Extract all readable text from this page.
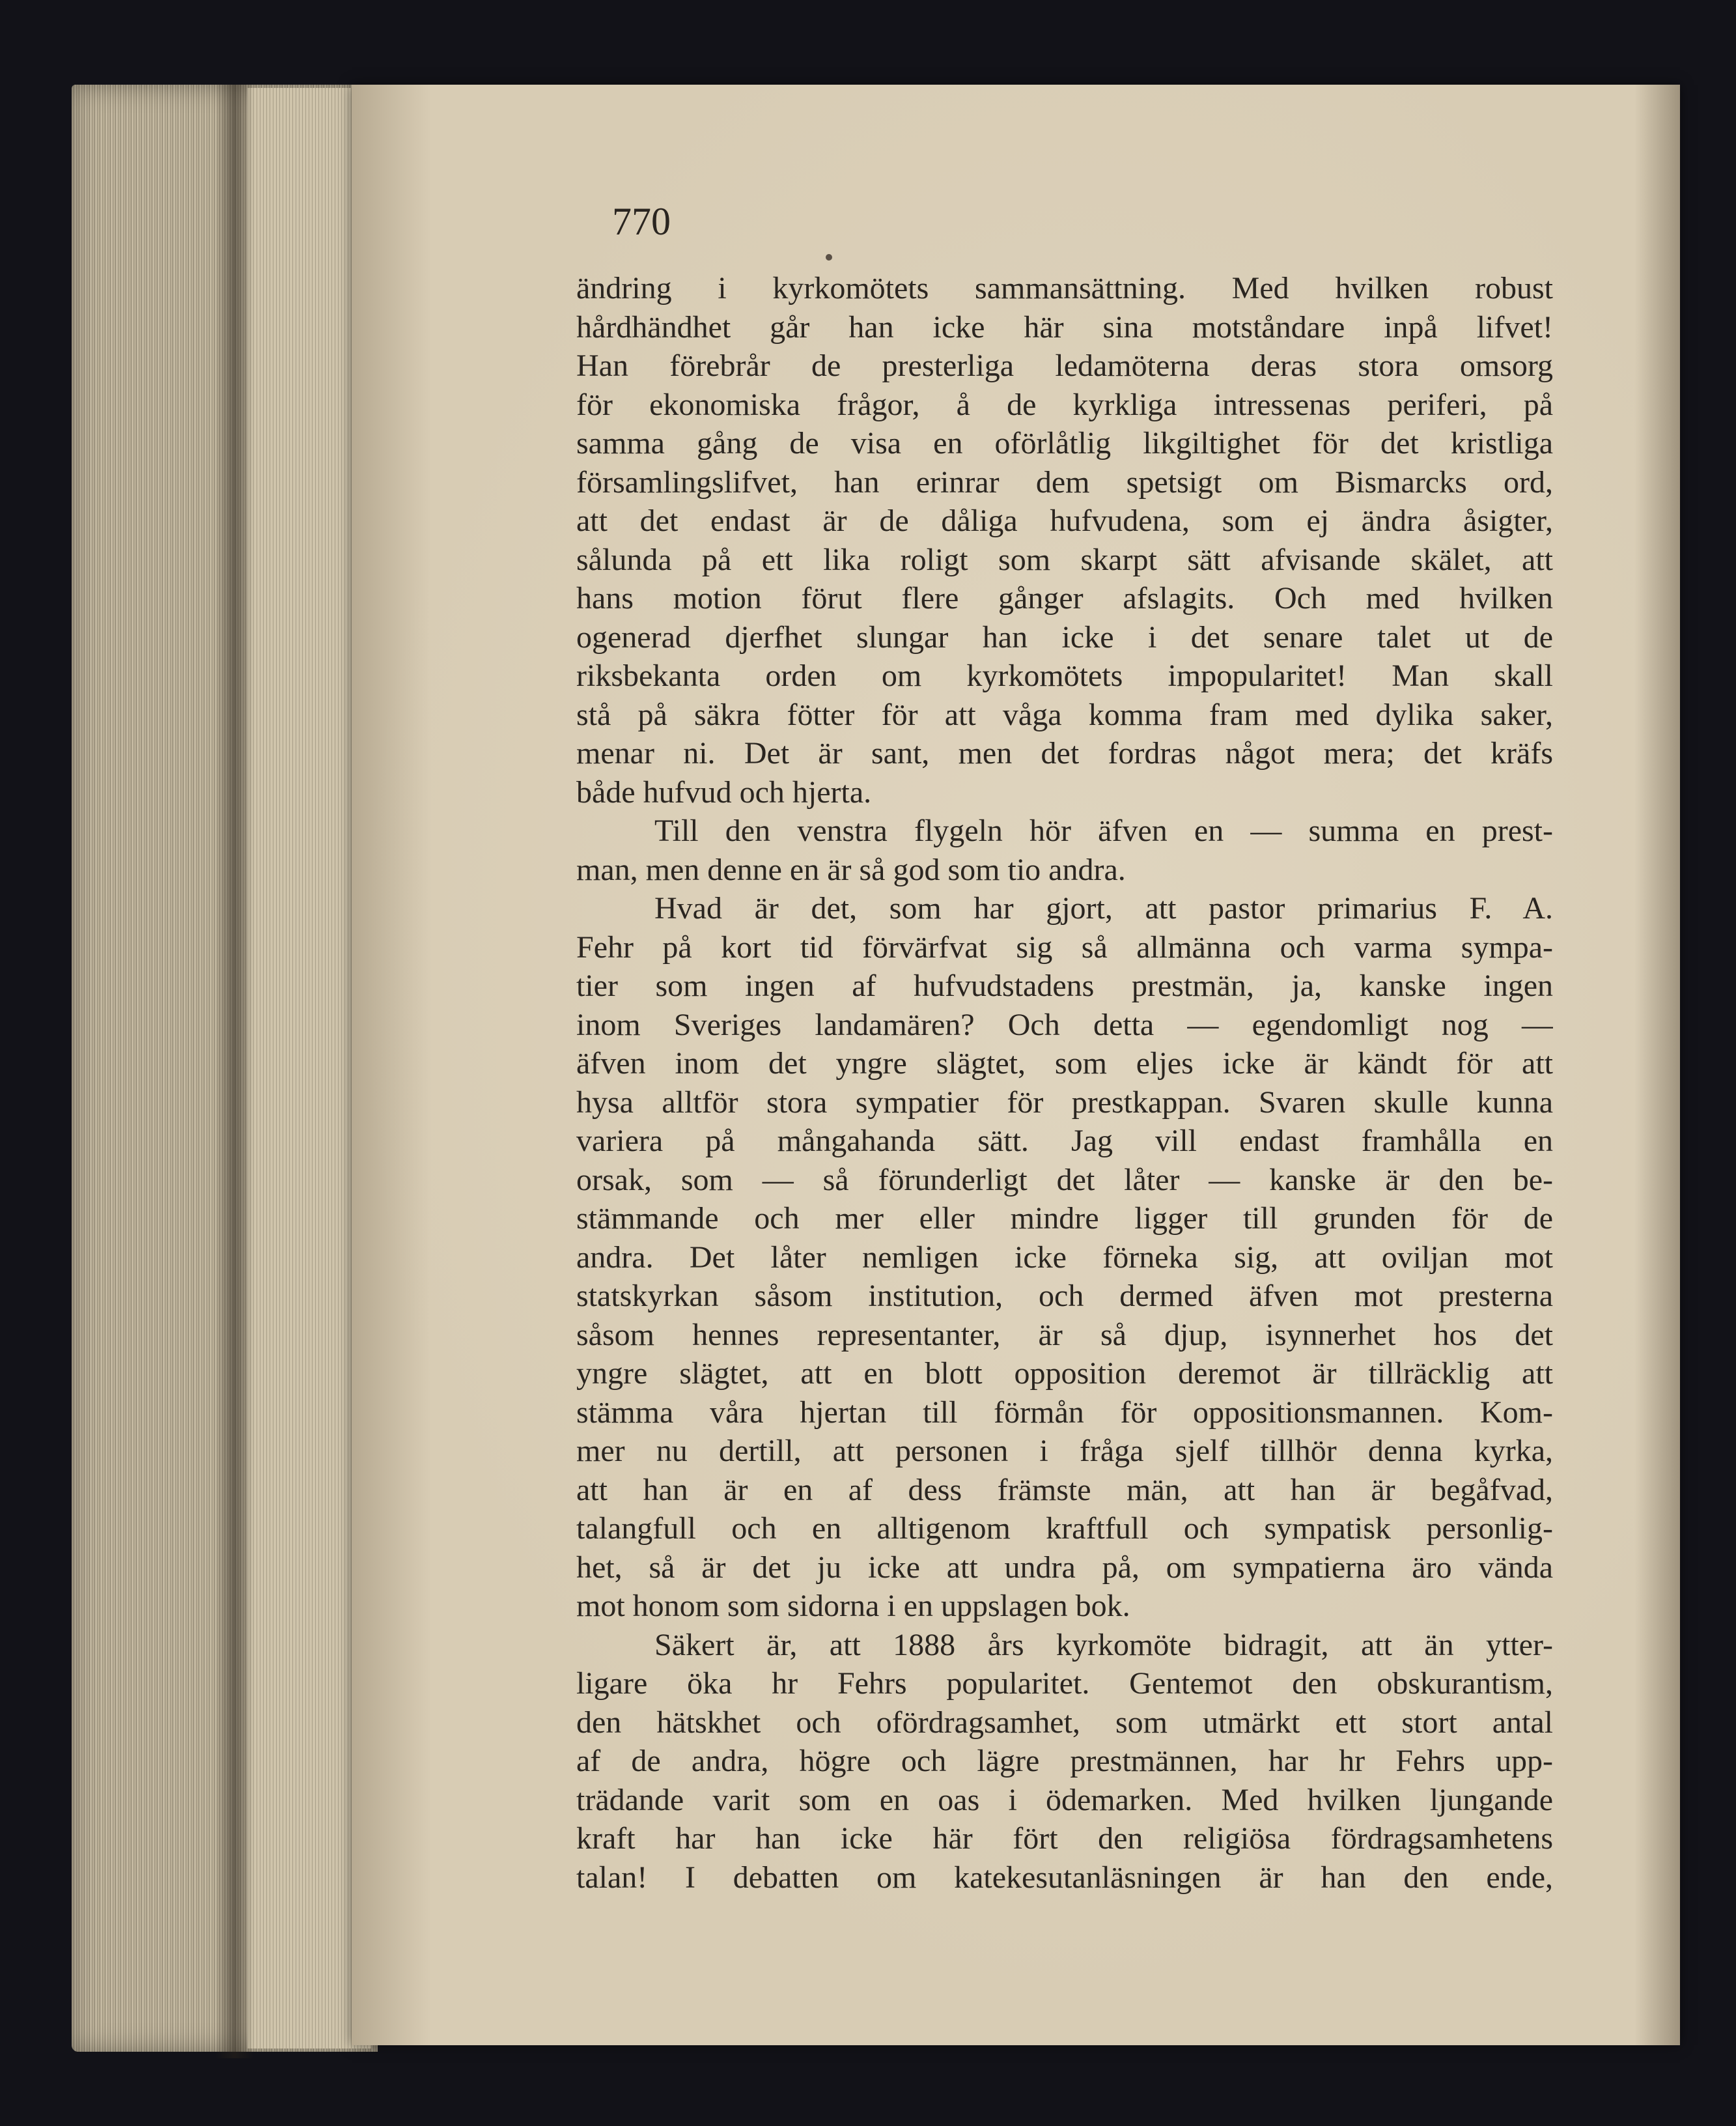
770
ändring i kyrkomötets sammansättning. Med hvilken robust
hårdhändhet går han icke här sina motståndare inpå lifvet!
Han förebrår de presterliga ledamöterna deras stora omsorg
för ekonomiska frågor, å de kyrkliga intressenas periferi, på
samma gång de visa en oförlåtlig likgiltighet för det kristliga
församlingslifvet, han erinrar dem spetsigt om Bismarcks ord,
att det endast är de dåliga hufvudena, som ej ändra åsigter,
sålunda på ett lika roligt som skarpt sätt afvisande skälet, att
hans motion förut flere gånger afslagits. Och med hvilken
ogenerad djerfhet slungar han icke i det senare talet ut de
riksbekanta orden om kyrkomötets impopularitet! Man skall
stå på säkra fötter för att våga komma fram med dylika saker,
menar ni. Det är sant, men det fordras något mera; det kräfs
både hufvud och hjerta.
Till den venstra flygeln hör äfven en — summa en prest-
man, men denne en är så god som tio andra.
Hvad är det, som har gjort, att pastor primarius F. A.
Fehr på kort tid förvärfvat sig så allmänna och varma sympa-
tier som ingen af hufvudstadens prestmän, ja, kanske ingen
inom Sveriges landamären? Och detta — egendomligt nog —
äfven inom det yngre slägtet, som eljes icke är kändt för att
hysa alltför stora sympatier för prestkappan. Svaren skulle kunna
variera på mångahanda sätt. Jag vill endast framhålla en
orsak, som — så förunderligt det låter — kanske är den be-
stämmande och mer eller mindre ligger till grunden för de
andra. Det låter nemligen icke förneka sig, att oviljan mot
statskyrkan såsom institution, och dermed äfven mot presterna
såsom hennes representanter, är så djup, isynnerhet hos det
yngre slägtet, att en blott opposition deremot är tillräcklig att
stämma våra hjertan till förmån för oppositionsmannen. Kom-
mer nu dertill, att personen i fråga sjelf tillhör denna kyrka,
att han är en af dess främste män, att han är begåfvad,
talangfull och en alltigenom kraftfull och sympatisk personlig-
het, så är det ju icke att undra på, om sympatierna äro vända
mot honom som sidorna i en uppslagen bok.
Säkert är, att 1888 års kyrkomöte bidragit, att än ytter-
ligare öka hr Fehrs popularitet. Gentemot den obskurantism,
den hätskhet och ofördragsamhet, som utmärkt ett stort antal
af de andra, högre och lägre prestmännen, har hr Fehrs upp-
trädande varit som en oas i ödemarken. Med hvilken ljungande
kraft har han icke här fört den religiösa fördragsamhetens
talan! I debatten om katekesutanläsningen är han den ende,
